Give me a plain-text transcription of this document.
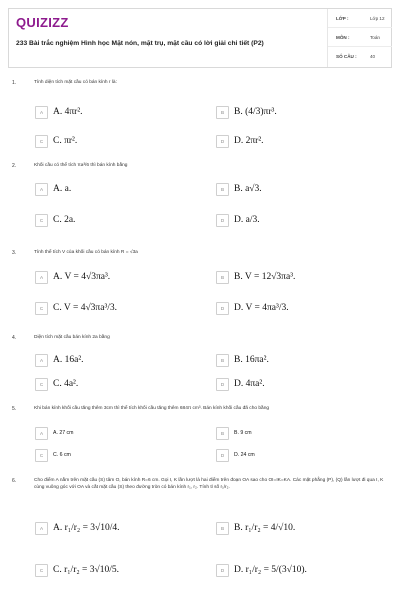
QUIZIZZ
233 Bài trắc nghiệm Hình học Mặt nón, mặt trụ, mặt cầu có lời giải chi tiết (P2)
LỚP :	Lớp 12
MÔN :	Toán
SỐ CÂU :	40
1.	Tính diện tích mặt cầu có bán kính r là:
A	A. 4πr².	B	B. (4/3)πr³.
C	C. πr².	D	D. 2πr².
2.	Khối cầu có thể tích πa³/6 thì bán kính bằng
A	A. a.	B	B. a√3.
C	C. 2a.	D	D. a/3.
3.	Tính thể tích V của khối cầu có bán kính R = √3a
A	A. V = 4√3πa³.	B	B. V = 12√3πa³.
C	C. V = 4√3πa³/3.	D	D. V = 4πa³/3.
4.	Diện tích mặt cầu bán kính 2a bằng
A	A. 16a².	B	B. 16πa².
C	C. 4a².	D	D. 4πa².
5.	Khi bán kính khối cầu tăng thêm 3cm thì thể tích khối cầu tăng thêm 684π cm³. Bán kính khối cầu đã cho bằng
A	A. 27 cm	B	B. 9 cm
C	C. 6 cm	D	D. 24 cm
6.	Cho điểm A nằm trên mặt cầu (S) tâm O, bán kính R=6 cm. Gọi I, K lần lượt là hai điểm trên đoạn OA sao cho OI=IK=KA. Các mặt phẳng (P), (Q) lần lượt đi qua I, K cùng vuông góc với OA và cắt mặt cầu (S) theo đường tròn có bán kính r₁, r₂. Tính tỉ số r₁/r₂.
A	A. r₁/r₂ = 3√10/4.	B	B. r₁/r₂ = 4/√10.
C	C. r₁/r₂ = 3√10/5.	D	D. r₁/r₂ = 5/(3√10).
